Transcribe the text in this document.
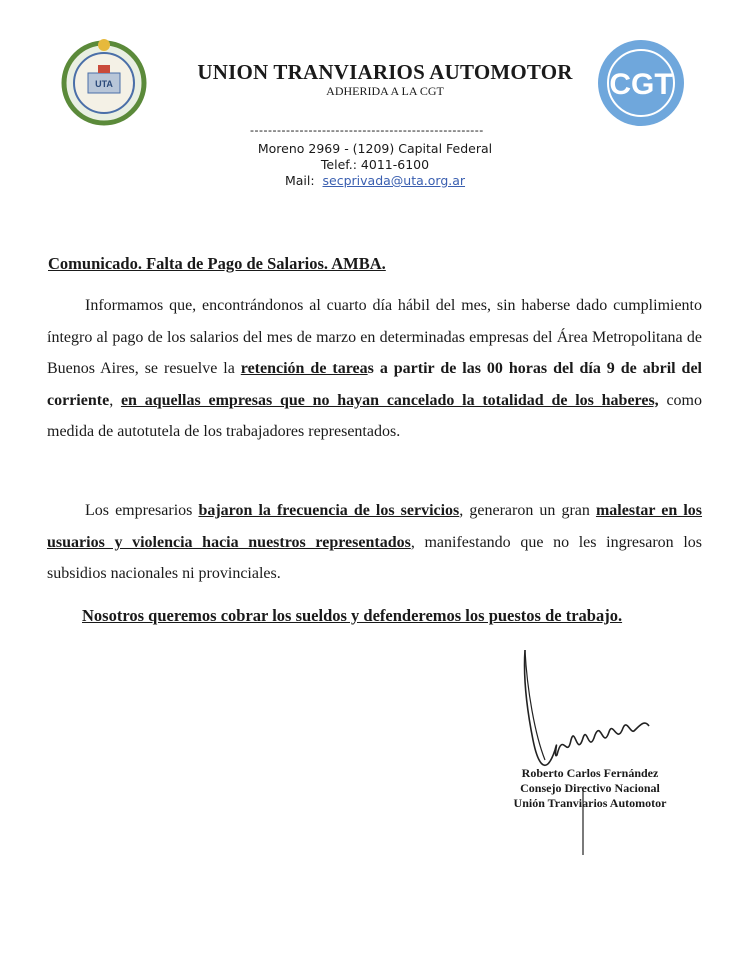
UTA	CGT
UNION TRANVIARIOS AUTOMOTOR
ADHERIDA A LA CGT
----------------------------------------------------
Moreno 2969 - (1209) Capital Federal
Telef.: 4011-6100
Mail: secprivada@uta.org.ar
Comunicado. Falta de Pago de Salarios. AMBA.
Informamos que, encontrándonos al cuarto día hábil del mes, sin haberse dado cumplimiento íntegro al pago de los salarios del mes de marzo en determinadas empresas del Área Metropolitana de Buenos Aires, se resuelve la retención de tareas a partir de las 00 horas del día 9 de abril del corriente, en aquellas empresas que no hayan cancelado la totalidad de los haberes, como medida de autotutela de los trabajadores representados.
Los empresarios bajaron la frecuencia de los servicios, generaron un gran malestar en los usuarios y violencia hacia nuestros representados, manifestando que no les ingresaron los subsidios nacionales ni provinciales.
Nosotros queremos cobrar los sueldos y defenderemos los puestos de trabajo.
Roberto Carlos Fernández
Consejo Directivo Nacional
Unión Tranviarios Automotor
